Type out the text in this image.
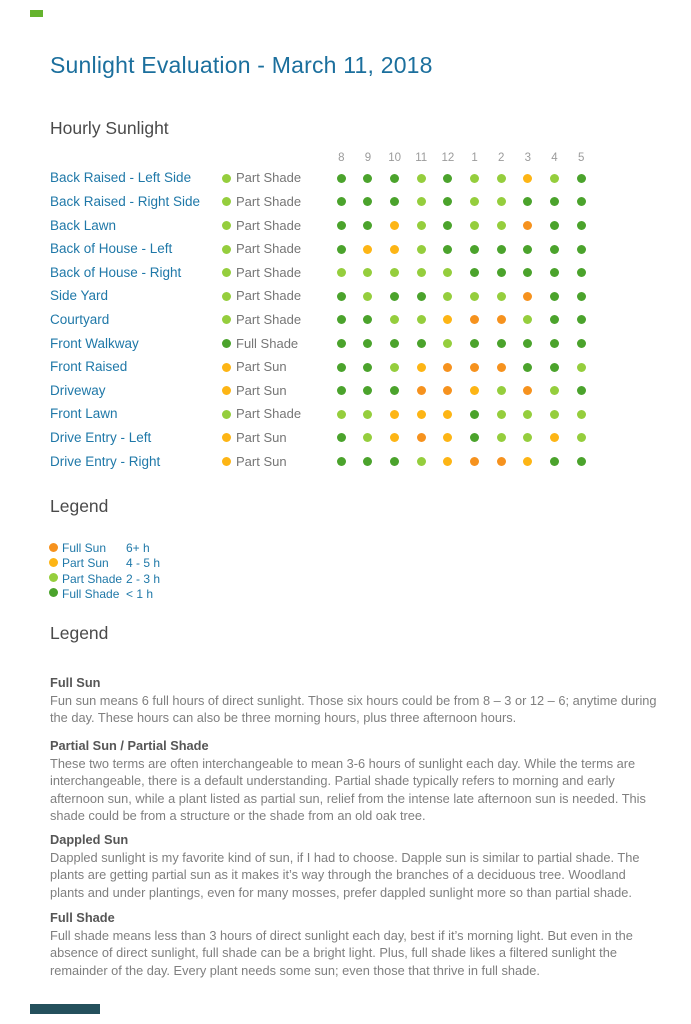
Sunlight Evaluation - March 11, 2018
Hourly Sunlight
8	9	10	11	12	1	2	3	4	5
Back Raised - Left Side	Part Shade
Back Raised - Right Side	Part Shade
Back Lawn	Part Shade
Back of House - Left	Part Shade
Back of House - Right	Part Shade
Side Yard	Part Shade
Courtyard	Part Shade
Front Walkway	Full Shade
Front Raised	Part Sun
Driveway	Part Sun
Front Lawn	Part Shade
Drive Entry - Left	Part Sun
Drive Entry - Right	Part Sun
Legend
Full Sun 6+ h
Part Sun 4 - 5 h
Part Shade 2 - 3 h
Full Shade < 1 h
Legend
Full Sun

Fun sun means 6 full hours of direct sunlight. Those six hours could be from 8 – 3 or 12 – 6; anytime during the day. These hours can also be three morning hours, plus three afternoon hours.

Partial Sun / Partial Shade

These two terms are often interchangeable to mean 3-6 hours of sunlight each day. While the terms are interchangeable, there is a default understanding. Partial shade typically refers to morning and early afternoon sun, while a plant listed as partial sun, relief from the intense late afternoon sun is needed. This shade could be from a structure or the shade from an old oak tree.

Dappled Sun

Dappled sunlight is my favorite kind of sun, if I had to choose. Dapple sun is similar to partial shade. The plants are getting partial sun as it makes it’s way through the branches of a deciduous tree. Woodland plants and under plantings, even for many mosses, prefer dappled sunlight more so than partial shade.

Full Shade

Full shade means less than 3 hours of direct sunlight each day, best if it’s morning light. But even in the absence of direct sunlight, full shade can be a bright light. Plus, full shade likes a filtered sunlight the remainder of the day. Every plant needs some sun; even those that thrive in full shade.
